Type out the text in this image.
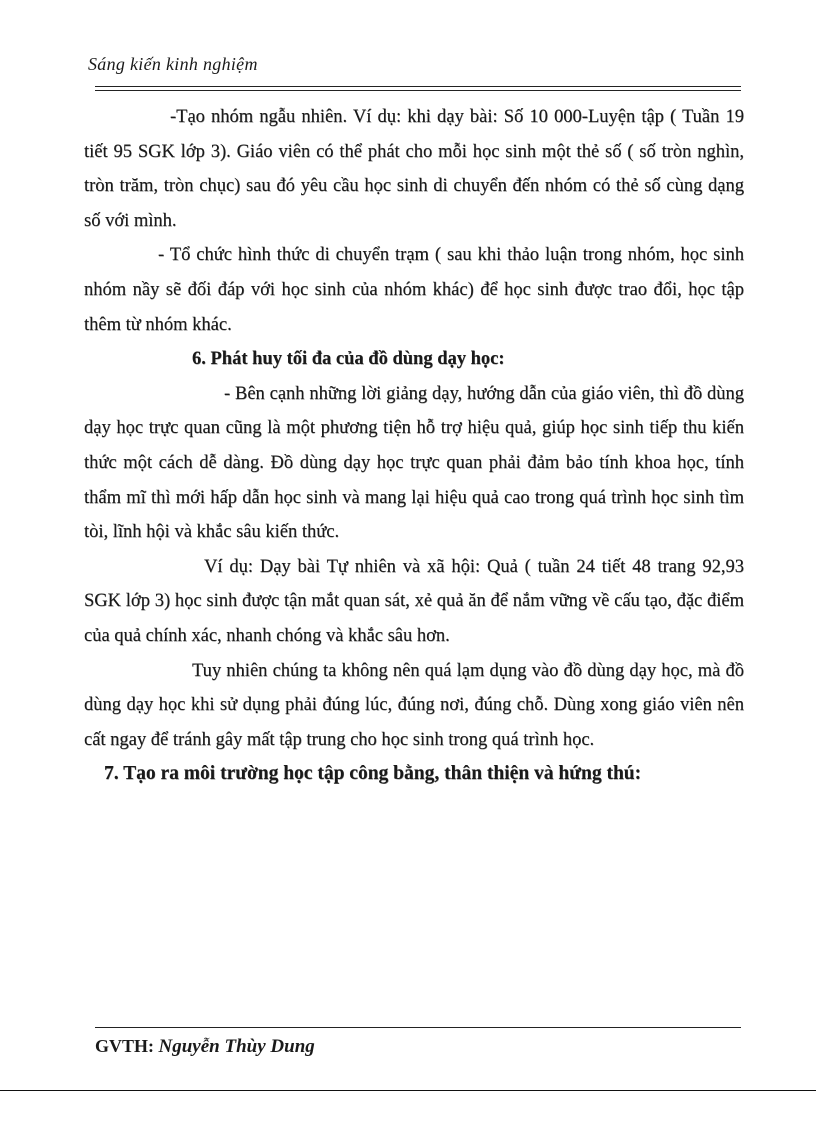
Sáng kiến kinh nghiệm

-Tạo nhóm ngẫu nhiên. Ví dụ: khi dạy bài: Số 10 000-Luyện tập ( Tuần 19 tiết 95 SGK lớp 3). Giáo viên có thể phát cho mỗi học sinh một thẻ số ( số tròn nghìn, tròn trăm, tròn chục) sau đó yêu cầu học sinh di chuyển đến nhóm có thẻ số cùng dạng số với mình.

- Tổ chức hình thức di chuyển trạm ( sau khi thảo luận trong nhóm, học sinh nhóm nầy sẽ đối đáp với học sinh của nhóm khác) để học sinh được trao đổi, học tập thêm từ nhóm khác.

6. Phát huy tối đa của đồ dùng dạy học:

- Bên cạnh những lời giảng dạy, hướng dẫn của giáo viên, thì đồ dùng dạy học trực quan cũng là một phương tiện hỗ trợ hiệu quả, giúp học sinh tiếp thu kiến thức một cách dễ dàng. Đồ dùng dạy học trực quan phải đảm bảo tính khoa học, tính thẩm mĩ thì mới hấp dẫn học sinh và mang lại hiệu quả cao trong quá trình học sinh tìm tòi, lĩnh hội và khắc sâu kiến thức.

Ví dụ: Dạy bài Tự nhiên và xã hội: Quả ( tuần 24 tiết 48 trang 92,93 SGK lớp 3) học sinh được tận mắt quan sát, xẻ quả ăn để nắm vững về cấu tạo, đặc điểm của quả chính xác, nhanh chóng và khắc sâu hơn.

Tuy nhiên chúng ta không nên quá lạm dụng vào đồ dùng dạy học, mà đồ dùng dạy học khi sử dụng phải đúng lúc, đúng nơi, đúng chỗ. Dùng xong giáo viên nên cất ngay để tránh gây mất tập trung cho học sinh trong quá trình học.

7. Tạo ra môi trường học tập công bằng, thân thiện và hứng thú:

GVTH: Nguyễn Thùy Dung
